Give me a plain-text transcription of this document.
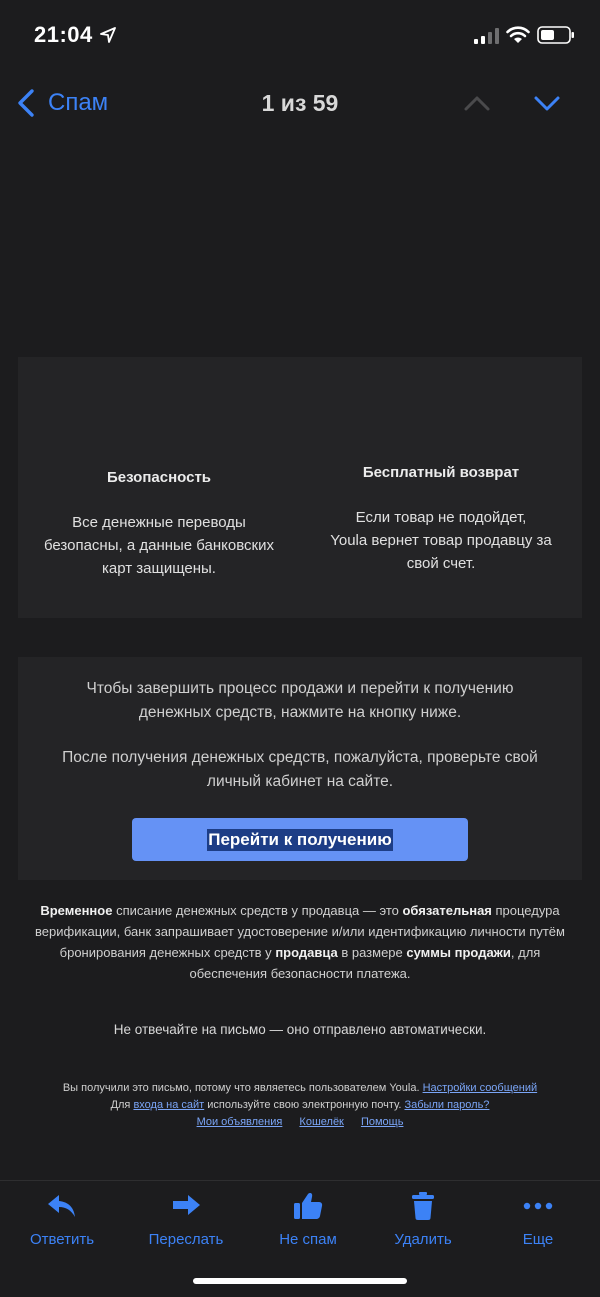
21:04
Спам	1 из 59
Безопасность
Все денежные переводы
безопасны, а данные банковских
карт защищены.
Бесплатный возврат
Если товар не подойдет,
Youla вернет товар продавцу за
свой счет.

Чтобы завершить процесс продажи и перейти к получению
денежных средств, нажмите на кнопку ниже.

После получения денежных средств, пожалуйста, проверьте свой
личный кабинет на сайте.

Перейти к получению
Временное списание денежных средств у продавца — это обязательная процедура верификации, банк запрашивает удостоверение и/или идентификацию личности путём бронирования денежных средств у продавца в размере суммы продажи, для обеспечения безопасности платежа.
Не отвечайте на письмо — оно отправлено автоматически.
Вы получили это письмо, потому что являетесь пользователем Youla. Настройки сообщений
Для входа на сайт используйте свою электронную почту. Забыли пароль?
Мои объявления Кошелёк Помощь
Ответить	Переслать	Не спам	Удалить	Еще
